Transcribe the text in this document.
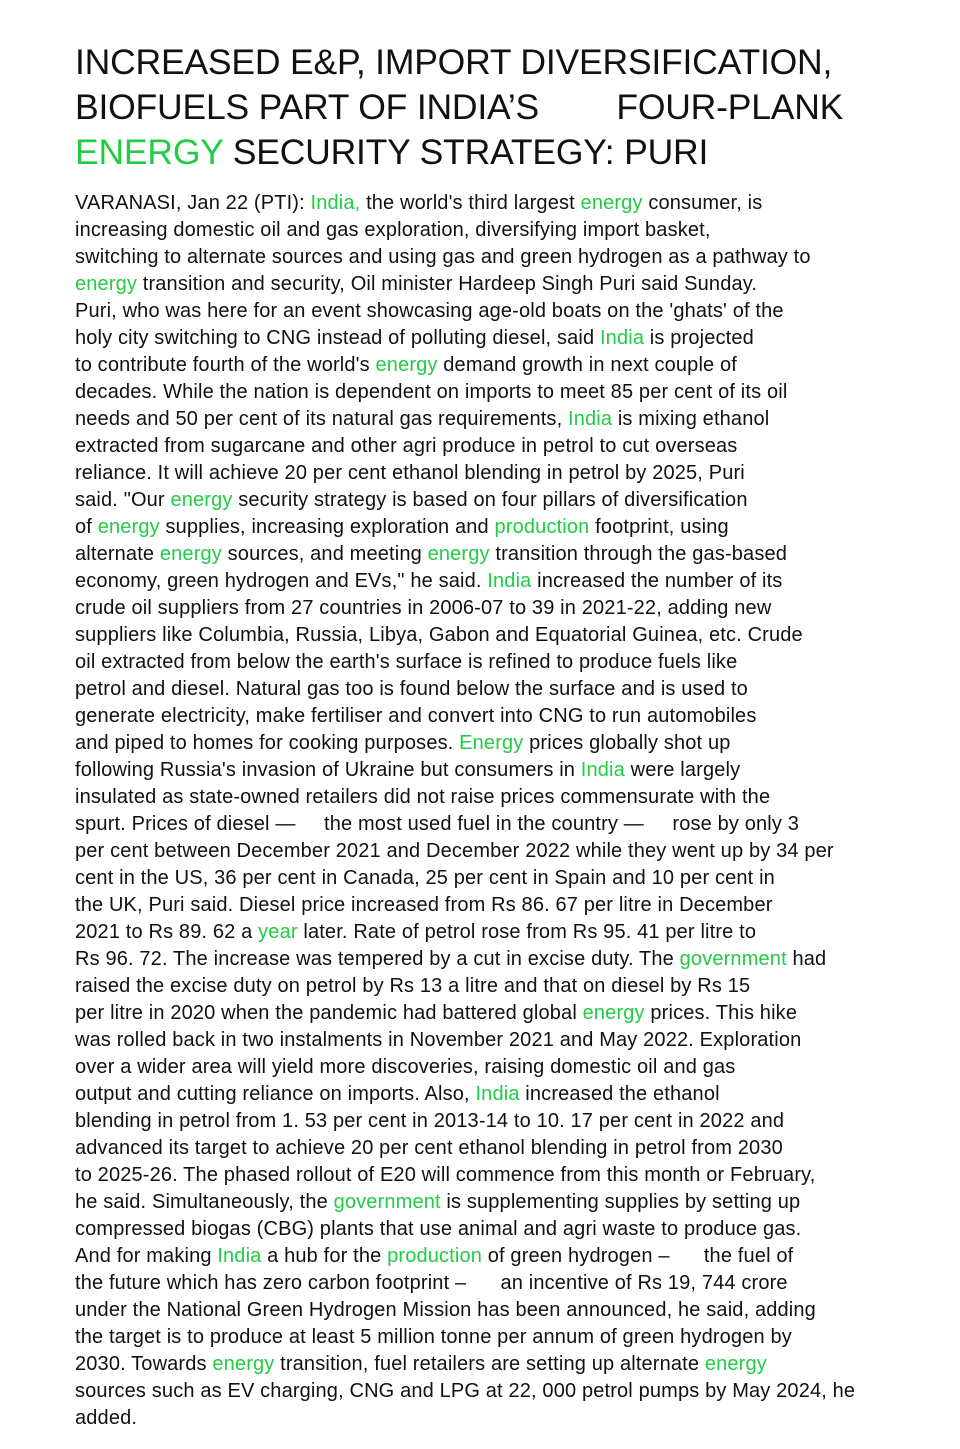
INCREASED E&P, IMPORT DIVERSIFICATION,
BIOFUELS PART OF INDIA’S        FOUR-PLANK
ENERGY SECURITY STRATEGY: PURI
VARANASI, Jan 22 (PTI): India, the world's third largest energy consumer, is
increasing domestic oil and gas exploration, diversifying import basket,
switching to alternate sources and using gas and green hydrogen as a pathway to
energy transition and security, Oil minister Hardeep Singh Puri said Sunday.
Puri, who was here for an event showcasing age-old boats on the 'ghats' of the
holy city switching to CNG instead of polluting diesel, said India is projected
to contribute fourth of the world's energy demand growth in next couple of
decades. While the nation is dependent on imports to meet 85 per cent of its oil
needs and 50 per cent of its natural gas requirements, India is mixing ethanol
extracted from sugarcane and other agri produce in petrol to cut overseas
reliance. It will achieve 20 per cent ethanol blending in petrol by 2025, Puri
said. "Our energy security strategy is based on four pillars of diversification
of energy supplies, increasing exploration and production footprint, using
alternate energy sources, and meeting energy transition through the gas-based
economy, green hydrogen and EVs," he said. India increased the number of its
crude oil suppliers from 27 countries in 2006-07 to 39 in 2021-22, adding new
suppliers like Columbia, Russia, Libya, Gabon and Equatorial Guinea, etc. Crude
oil extracted from below the earth's surface is refined to produce fuels like
petrol and diesel. Natural gas too is found below the surface and is used to
generate electricity, make fertiliser and convert into CNG to run automobiles
and piped to homes for cooking purposes. Energy prices globally shot up
following Russia's invasion of Ukraine but consumers in India were largely
insulated as state-owned retailers did not raise prices commensurate with the
spurt. Prices of diesel —     the most used fuel in the country —     rose by only 3
per cent between December 2021 and December 2022 while they went up by 34 per
cent in the US, 36 per cent in Canada, 25 per cent in Spain and 10 per cent in
the UK, Puri said. Diesel price increased from Rs 86. 67 per litre in December
2021 to Rs 89. 62 a year later. Rate of petrol rose from Rs 95. 41 per litre to
Rs 96. 72. The increase was tempered by a cut in excise duty. The government had
raised the excise duty on petrol by Rs 13 a litre and that on diesel by Rs 15
per litre in 2020 when the pandemic had battered global energy prices. This hike
was rolled back in two instalments in November 2021 and May 2022. Exploration
over a wider area will yield more discoveries, raising domestic oil and gas
output and cutting reliance on imports. Also, India increased the ethanol
blending in petrol from 1. 53 per cent in 2013-14 to 10. 17 per cent in 2022 and
advanced its target to achieve 20 per cent ethanol blending in petrol from 2030
to 2025-26. The phased rollout of E20 will commence from this month or February,
he said. Simultaneously, the government is supplementing supplies by setting up
compressed biogas (CBG) plants that use animal and agri waste to produce gas.
And for making India a hub for the production of green hydrogen –      the fuel of
the future which has zero carbon footprint –      an incentive of Rs 19, 744 crore
under the National Green Hydrogen Mission has been announced, he said, adding
the target is to produce at least 5 million tonne per annum of green hydrogen by
2030. Towards energy transition, fuel retailers are setting up alternate energy
sources such as EV charging, CNG and LPG at 22, 000 petrol pumps by May 2024, he
added.
